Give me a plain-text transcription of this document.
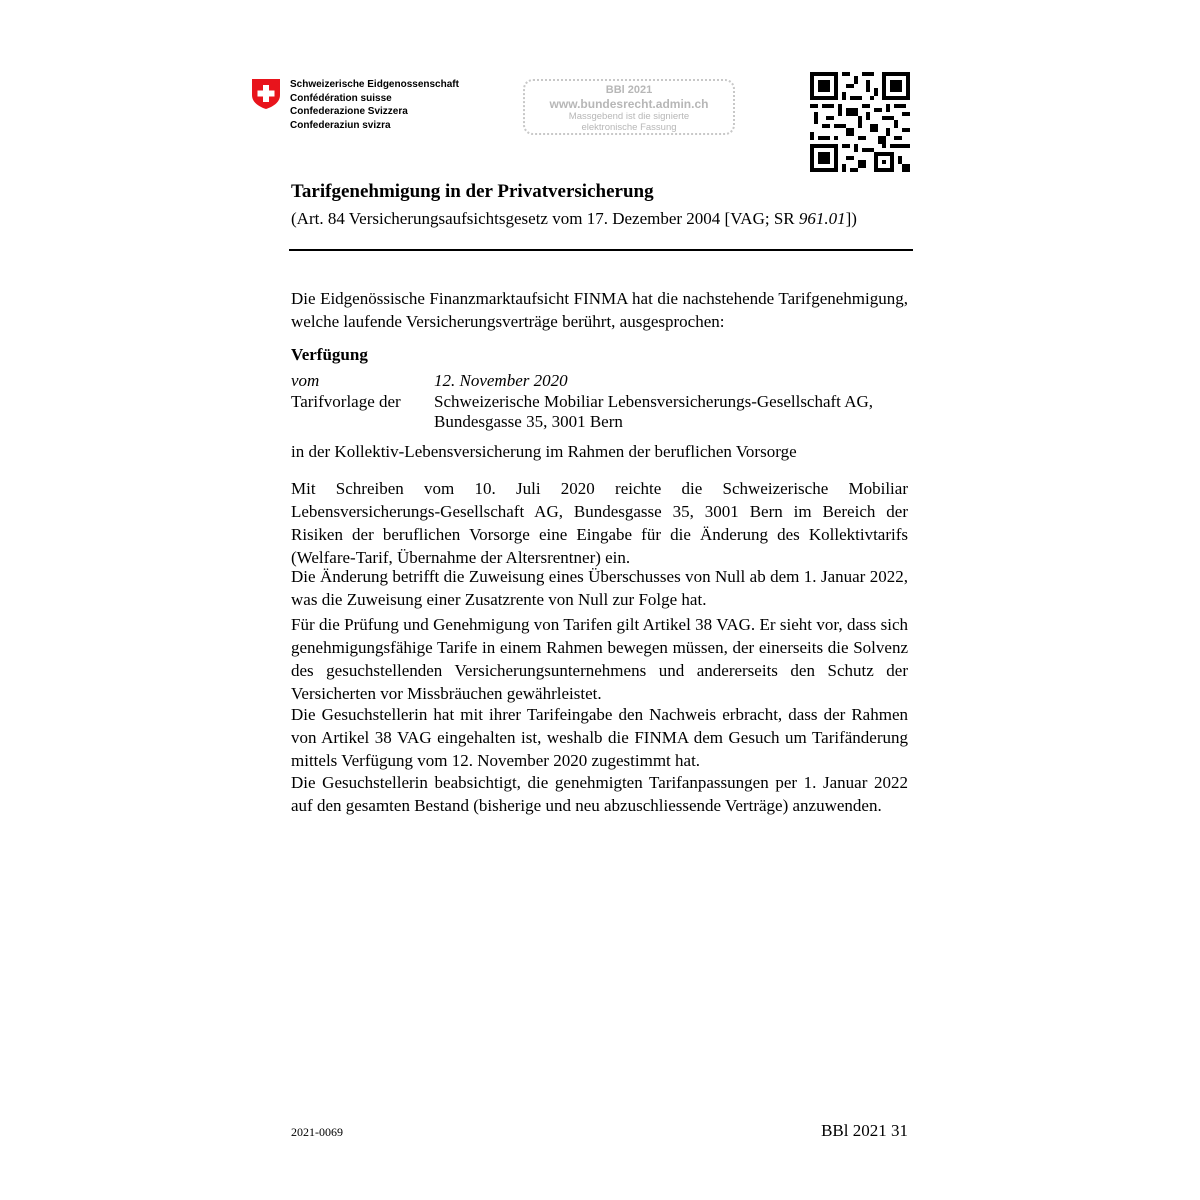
Schweizerische Eidgenossenschaft
Confédération suisse
Confederazione Svizzera
Confederaziun svizra
BBl 2021
www.bundesrecht.admin.ch
Massgebend ist die signierte
elektronische Fassung
Tarifgenehmigung in der Privatversicherung
(Art. 84 Versicherungsaufsichtsgesetz vom 17. Dezember 2004 [VAG; SR 961.01])

Die Eidgenössische Finanzmarktaufsicht FINMA hat die nachstehende Tarifgenehmigung, welche laufende Versicherungsverträge berührt, ausgesprochen:

Verfügung
vom	12. November 2020
Tarifvorlage der	Schweizerische Mobiliar Lebensversicherungs-Gesellschaft AG, Bundesgasse 35, 3001 Bern

in der Kollektiv-Lebensversicherung im Rahmen der beruflichen Vorsorge

Mit Schreiben vom 10. Juli 2020 reichte die Schweizerische Mobiliar Lebensversicherungs-Gesellschaft AG, Bundesgasse 35, 3001 Bern im Bereich der Risiken der beruflichen Vorsorge eine Eingabe für die Änderung des Kollektivtarifs (Welfare-Tarif, Übernahme der Altersrentner) ein.

Die Änderung betrifft die Zuweisung eines Überschusses von Null ab dem 1. Januar 2022, was die Zuweisung einer Zusatzrente von Null zur Folge hat.

Für die Prüfung und Genehmigung von Tarifen gilt Artikel 38 VAG. Er sieht vor, dass sich genehmigungsfähige Tarife in einem Rahmen bewegen müssen, der einerseits die Solvenz des gesuchstellenden Versicherungsunternehmens und andererseits den Schutz der Versicherten vor Missbräuchen gewährleistet.

Die Gesuchstellerin hat mit ihrer Tarifeingabe den Nachweis erbracht, dass der Rahmen von Artikel 38 VAG eingehalten ist, weshalb die FINMA dem Gesuch um Tarifänderung mittels Verfügung vom 12. November 2020 zugestimmt hat.

Die Gesuchstellerin beabsichtigt, die genehmigten Tarifanpassungen per 1. Januar 2022 auf den gesamten Bestand (bisherige und neu abzuschliessende Verträge) anzuwenden.

2021-0069	BBl 2021 31
